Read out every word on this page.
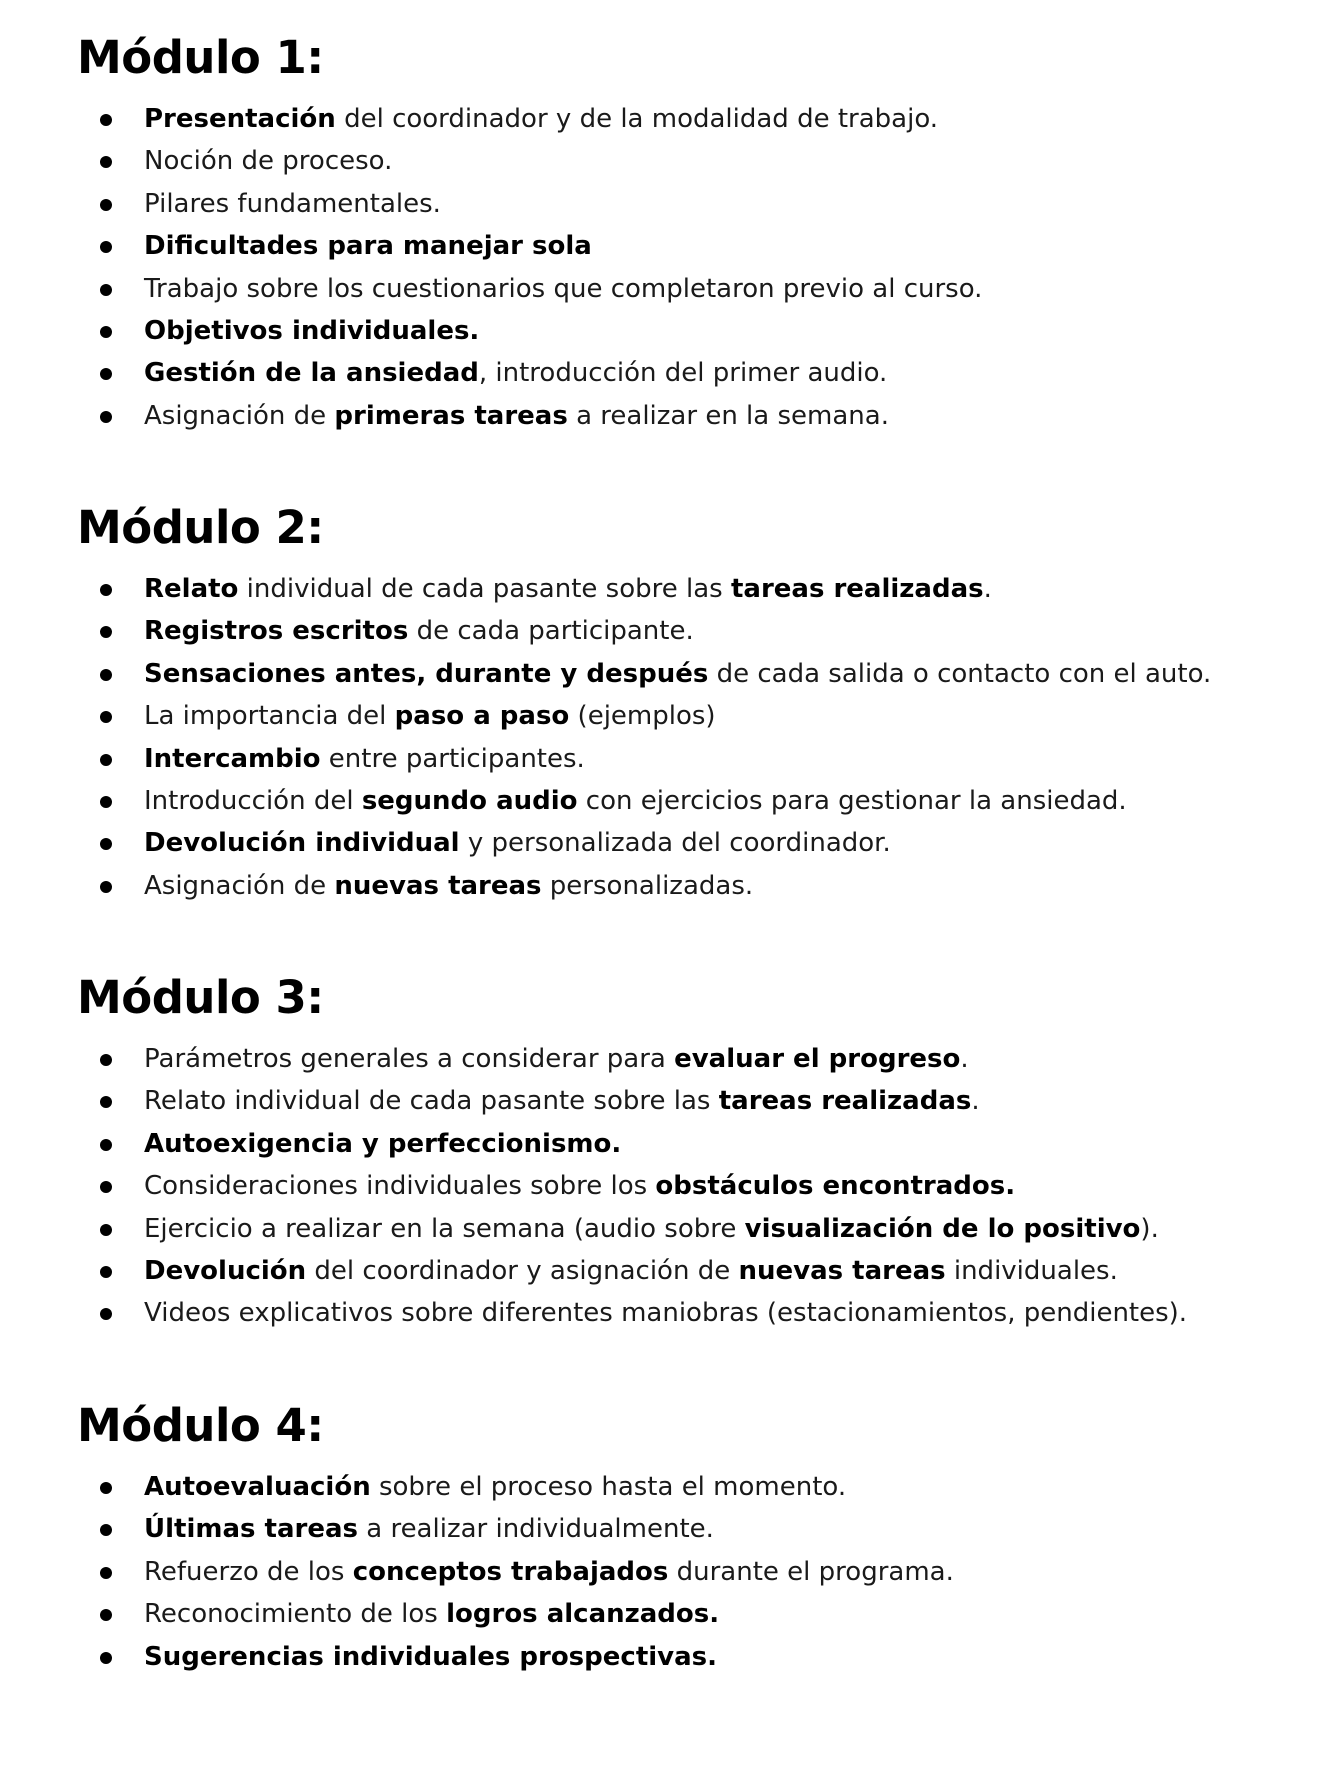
Módulo 1:
Presentación del coordinador y de la modalidad de trabajo.
Noción de proceso.
Pilares fundamentales.
Dificultades para manejar sola
Trabajo sobre los cuestionarios que completaron previo al curso.
Objetivos individuales.
Gestión de la ansiedad, introducción del primer audio.
Asignación de primeras tareas a realizar en la semana.
Módulo 2:
Relato individual de cada pasante sobre las tareas realizadas.
Registros escritos de cada participante.
Sensaciones antes, durante y después de cada salida o contacto con el auto.
La importancia del paso a paso (ejemplos)
Intercambio entre participantes.
Introducción del segundo audio con ejercicios para gestionar la ansiedad.
Devolución individual y personalizada del coordinador.
Asignación de nuevas tareas personalizadas.
Módulo 3:
Parámetros generales a considerar para evaluar el progreso.
Relato individual de cada pasante sobre las tareas realizadas.
Autoexigencia y perfeccionismo.
Consideraciones individuales sobre los obstáculos encontrados.
Ejercicio a realizar en la semana (audio sobre visualización de lo positivo).
Devolución del coordinador y asignación de nuevas tareas individuales.
Videos explicativos sobre diferentes maniobras (estacionamientos, pendientes).
Módulo 4:
Autoevaluación sobre el proceso hasta el momento.
Últimas tareas a realizar individualmente.
Refuerzo de los conceptos trabajados durante el programa.
Reconocimiento de los logros alcanzados.
Sugerencias individuales prospectivas.
